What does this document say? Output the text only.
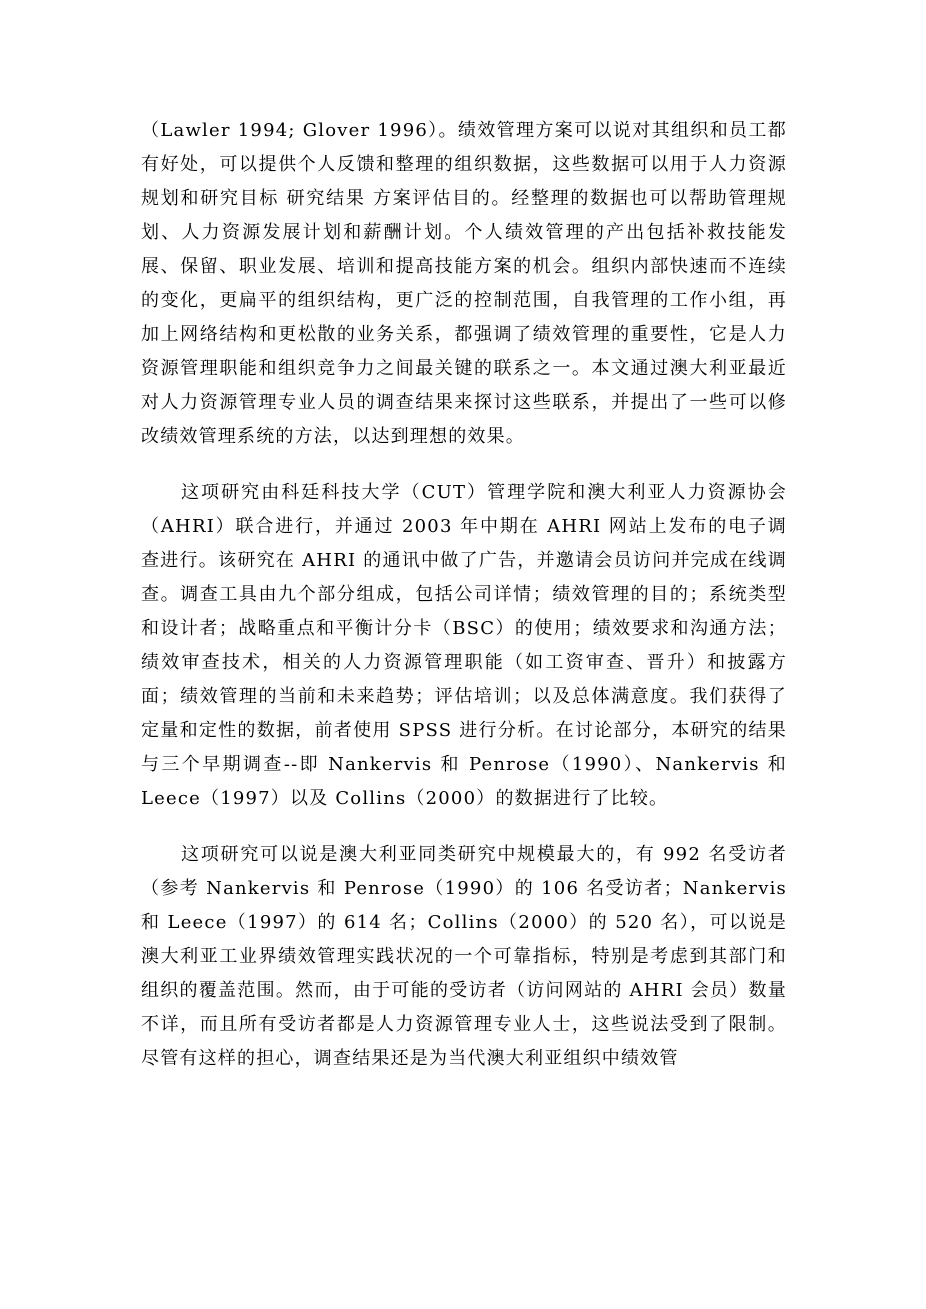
（Lawler 1994; Glover 1996）。绩效管理方案可以说对其组织和员工都有好处，可以提供个人反馈和整理的组织数据，这些数据可以用于人力资源规划和研究目标 研究结果 方案评估目的。经整理的数据也可以帮助管理规划、人力资源发展计划和薪酬计划。个人绩效管理的产出包括补救技能发展、保留、职业发展、培训和提高技能方案的机会。组织内部快速而不连续的变化，更扁平的组织结构，更广泛的控制范围，自我管理的工作小组，再加上网络结构和更松散的业务关系，都强调了绩效管理的重要性，它是人力资源管理职能和组织竞争力之间最关键的联系之一。本文通过澳大利亚最近对人力资源管理专业人员的调查结果来探讨这些联系，并提出了一些可以修改绩效管理系统的方法，以达到理想的效果。

这项研究由科廷科技大学（CUT）管理学院和澳大利亚人力资源协会（AHRI）联合进行，并通过 2003 年中期在 AHRI 网站上发布的电子调查进行。该研究在 AHRI 的通讯中做了广告，并邀请会员访问并完成在线调查。调查工具由九个部分组成，包括公司详情；绩效管理的目的；系统类型和设计者；战略重点和平衡计分卡（BSC）的使用；绩效要求和沟通方法；绩效审查技术，相关的人力资源管理职能（如工资审查、晋升）和披露方面；绩效管理的当前和未来趋势；评估培训；以及总体满意度。我们获得了定量和定性的数据，前者使用 SPSS 进行分析。在讨论部分，本研究的结果与三个早期调查--即 Nankervis 和 Penrose（1990）、Nankervis 和 Leece（1997）以及 Collins（2000）的数据进行了比较。

这项研究可以说是澳大利亚同类研究中规模最大的，有 992 名受访者（参考 Nankervis 和 Penrose（1990）的 106 名受访者；Nankervis 和 Leece（1997）的 614 名；Collins（2000）的 520 名），可以说是澳大利亚工业界绩效管理实践状况的一个可靠指标，特别是考虑到其部门和组织的覆盖范围。然而，由于可能的受访者（访问网站的 AHRI 会员）数量不详，而且所有受访者都是人力资源管理专业人士，这些说法受到了限制。尽管有这样的担心，调查结果还是为当代澳大利亚组织中绩效管
